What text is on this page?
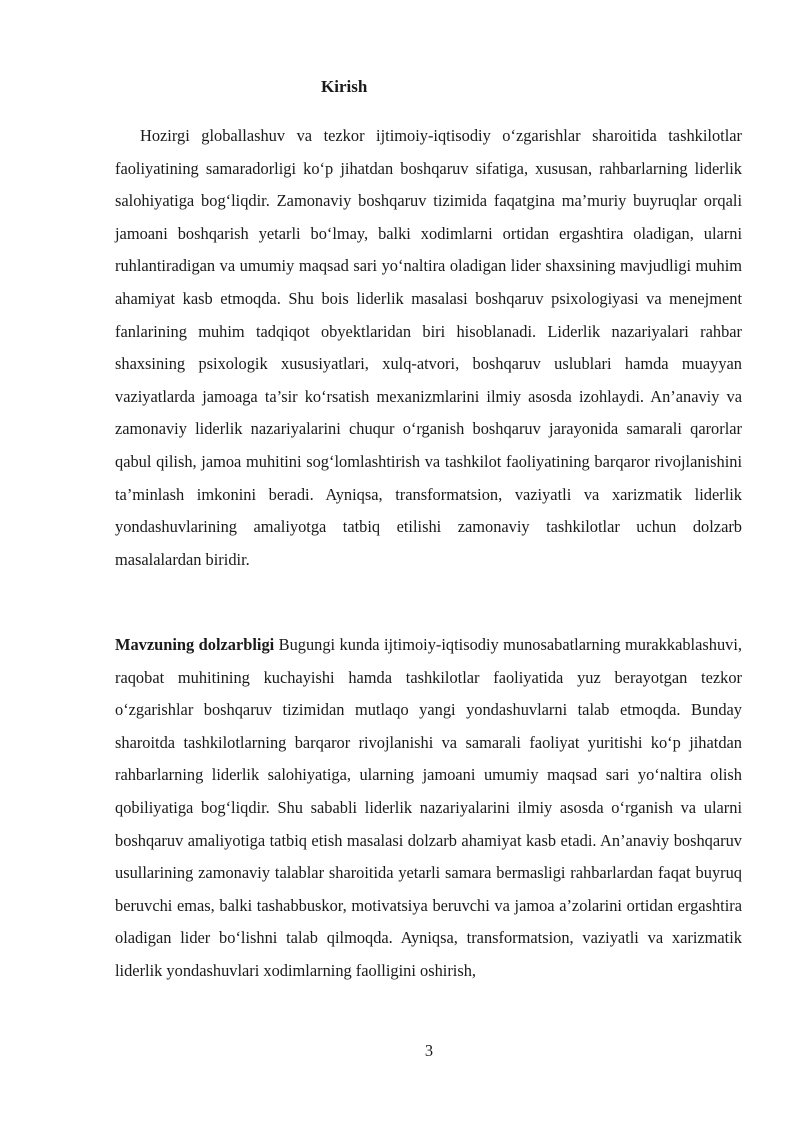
Kirish

Hozirgi globallashuv va tezkor ijtimoiy-iqtisodiy o‘zgarishlar sharoitida tashkilotlar faoliyatining samaradorligi ko‘p jihatdan boshqaruv sifatiga, xususan, rahbarlarning liderlik salohiyatiga bog‘liqdir. Zamonaviy boshqaruv tizimida faqatgina ma’muriy buyruqlar orqali jamoani boshqarish yetarli bo‘lmay, balki xodimlarni ortidan ergashtira oladigan, ularni ruhlantiradigan va umumiy maqsad sari yo‘naltira oladigan lider shaxsining mavjudligi muhim ahamiyat kasb etmoqda. Shu bois liderlik masalasi boshqaruv psixologiyasi va menejment fanlarining muhim tadqiqot obyektlaridan biri hisoblanadi. Liderlik nazariyalari rahbar shaxsining psixologik xususiyatlari, xulq-atvori, boshqaruv uslublari hamda muayyan vaziyatlarda jamoaga ta’sir ko‘rsatish mexanizmlarini ilmiy asosda izohlaydi. An’anaviy va zamonaviy liderlik nazariyalarini chuqur o‘rganish boshqaruv jarayonida samarali qarorlar qabul qilish, jamoa muhitini sog‘lomlashtirish va tashkilot faoliyatining barqaror rivojlanishini ta’minlash imkonini beradi. Ayniqsa, transformatsion, vaziyatli va xarizmatik liderlik yondashuvlarining amaliyotga tatbiq etilishi zamonaviy tashkilotlar uchun dolzarb masalalardan biridir.

Mavzuning dolzarbligi Bugungi kunda ijtimoiy-iqtisodiy munosabatlarning murakkablashuvi, raqobat muhitining kuchayishi hamda tashkilotlar faoliyatida yuz berayotgan tezkor o‘zgarishlar boshqaruv tizimidan mutlaqo yangi yondashuvlarni talab etmoqda. Bunday sharoitda tashkilotlarning barqaror rivojlanishi va samarali faoliyat yuritishi ko‘p jihatdan rahbarlarning liderlik salohiyatiga, ularning jamoani umumiy maqsad sari yo‘naltira olish qobiliyatiga bog‘liqdir. Shu sababli liderlik nazariyalarini ilmiy asosda o‘rganish va ularni boshqaruv amaliyotiga tatbiq etish masalasi dolzarb ahamiyat kasb etadi. An’anaviy boshqaruv usullarining zamonaviy talablar sharoitida yetarli samara bermasligi rahbarlardan faqat buyruq beruvchi emas, balki tashabbuskor, motivatsiya beruvchi va jamoa a’zolarini ortidan ergashtira oladigan lider bo‘lishni talab qilmoqda. Ayniqsa, transformatsion, vaziyatli va xarizmatik liderlik yondashuvlari xodimlarning faolligini oshirish,

3
